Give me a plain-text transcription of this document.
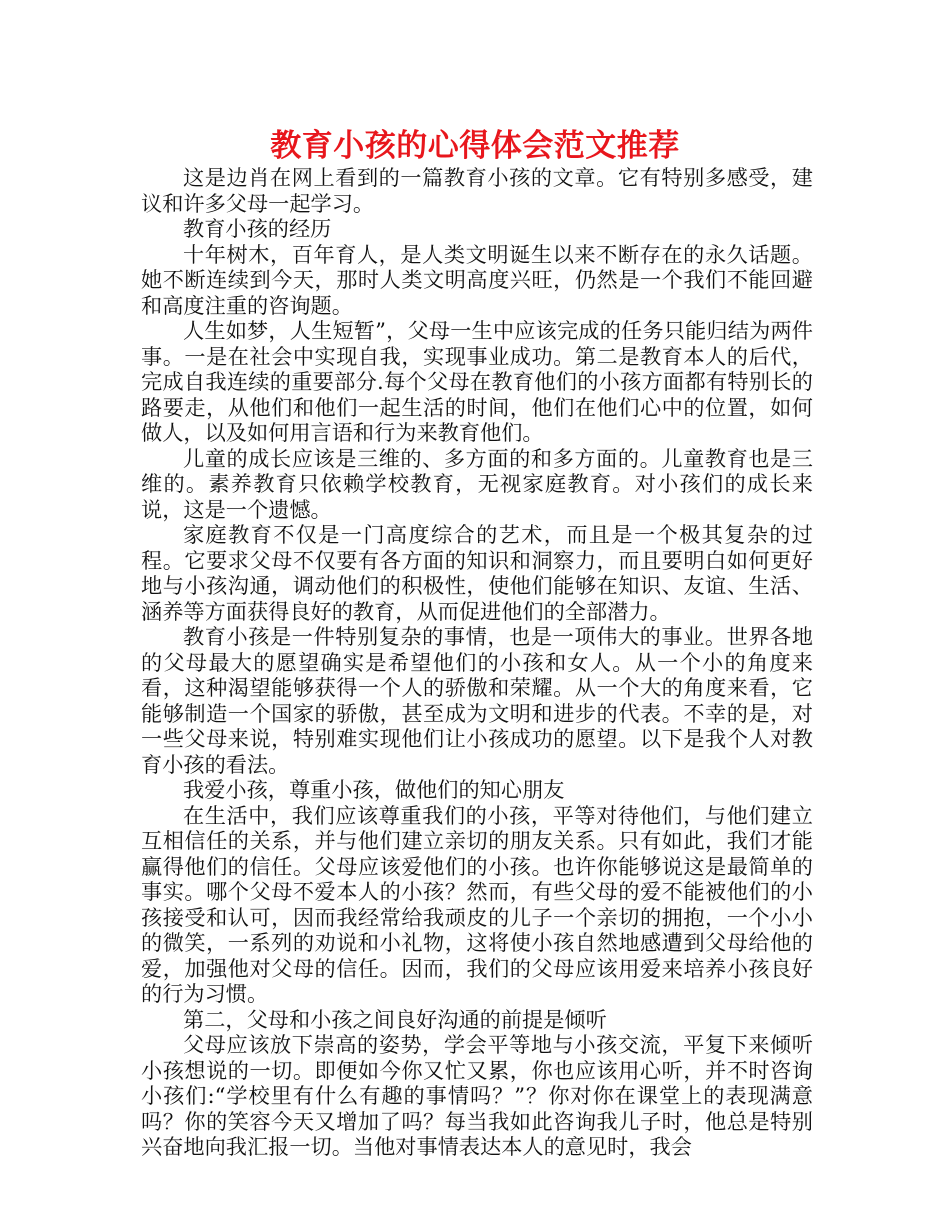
教育小孩的心得体会范文推荐

这是边肖在网上看到的一篇教育小孩的文章。它有特别多感受，建议和许多父母一起学习。

教育小孩的经历

十年树木，百年育人，是人类文明诞生以来不断存在的永久话题。她不断连续到今天，那时人类文明高度兴旺，仍然是一个我们不能回避和高度注重的咨询题。

人生如梦，人生短暂”，父母一生中应该完成的任务只能归结为两件事。一是在社会中实现自我，实现事业成功。第二是教育本人的后代，完成自我连续的重要部分.每个父母在教育他们的小孩方面都有特别长的路要走，从他们和他们一起生活的时间，他们在他们心中的位置，如何做人，以及如何用言语和行为来教育他们。

儿童的成长应该是三维的、多方面的和多方面的。儿童教育也是三维的。素养教育只依赖学校教育，无视家庭教育。对小孩们的成长来说，这是一个遗憾。

家庭教育不仅是一门高度综合的艺术，而且是一个极其复杂的过程。它要求父母不仅要有各方面的知识和洞察力，而且要明白如何更好地与小孩沟通，调动他们的积极性，使他们能够在知识、友谊、生活、涵养等方面获得良好的教育，从而促进他们的全部潜力。

教育小孩是一件特别复杂的事情，也是一项伟大的事业。世界各地的父母最大的愿望确实是希望他们的小孩和女人。从一个小的角度来看，这种渴望能够获得一个人的骄傲和荣耀。从一个大的角度来看，它能够制造一个国家的骄傲，甚至成为文明和进步的代表。不幸的是，对一些父母来说，特别难实现他们让小孩成功的愿望。以下是我个人对教育小孩的看法。

我爱小孩，尊重小孩，做他们的知心朋友

在生活中，我们应该尊重我们的小孩，平等对待他们，与他们建立互相信任的关系，并与他们建立亲切的朋友关系。只有如此，我们才能赢得他们的信任。父母应该爱他们的小孩。也许你能够说这是最简单的事实。哪个父母不爱本人的小孩？然而，有些父母的爱不能被他们的小孩接受和认可，因而我经常给我顽皮的儿子一个亲切的拥抱，一个小小的微笑，一系列的劝说和小礼物，这将使小孩自然地感遭到父母给他的爱，加强他对父母的信任。因而，我们的父母应该用爱来培养小孩良好的行为习惯。

第二，父母和小孩之间良好沟通的前提是倾听

父母应该放下崇高的姿势，学会平等地与小孩交流，平复下来倾听小孩想说的一切。即便如今你又忙又累，你也应该用心听，并不时咨询小孩们:“学校里有什么有趣的事情吗？”？你对你在课堂上的表现满意吗？你的笑容今天又增加了吗？每当我如此咨询我儿子时，他总是特别兴奋地向我汇报一切。当他对事情表达本人的意见时，我会
